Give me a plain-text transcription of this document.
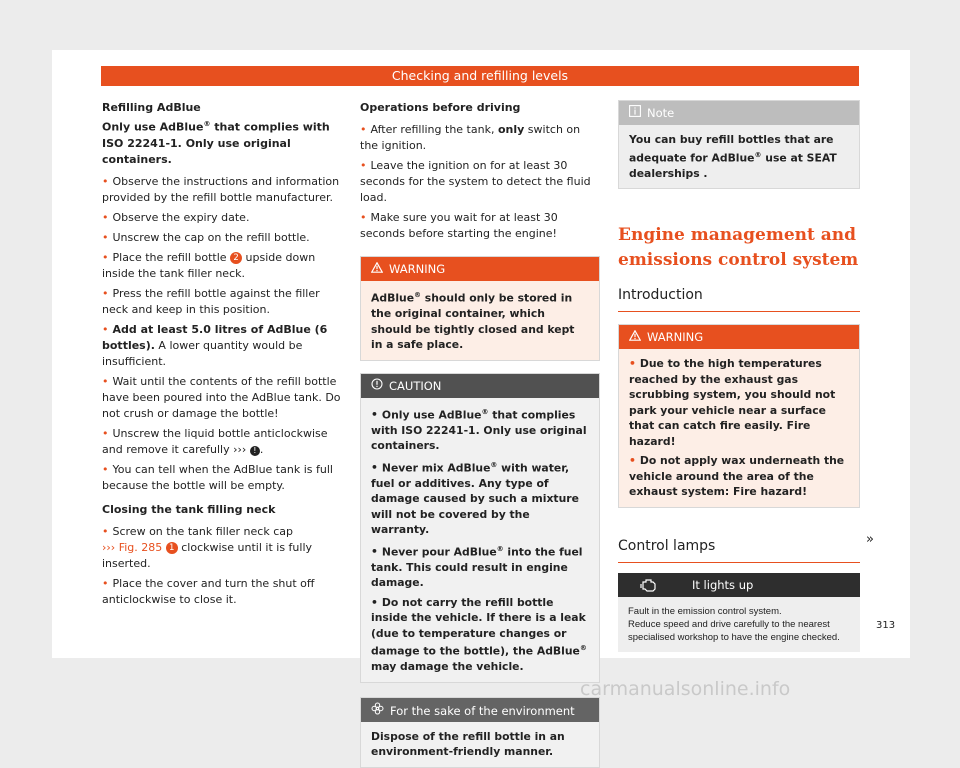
Checking and refilling levels

Refilling AdBlue

Only use AdBlue® that complies with ISO 22241-1. Only use original containers.

• Observe the instructions and information provided by the refill bottle manufacturer.

• Observe the expiry date.

• Unscrew the cap on the refill bottle.

• Place the refill bottle 2 upside down inside the tank filler neck.

• Press the refill bottle against the filler neck and keep in this position.

• Add at least 5.0 litres of AdBlue (6 bottles). A lower quantity would be insufficient.

• Wait until the contents of the refill bottle have been poured into the AdBlue tank. Do not crush or damage the bottle!

• Unscrew the liquid bottle anticlockwise and remove it carefully ››› ! .

• You can tell when the AdBlue tank is full because the bottle will be empty.

Closing the tank filling neck

• Screw on the tank filler neck cap
››› Fig. 285 1 clockwise until it is fully inserted.

• Place the cover and turn the shut off anticlockwise to close it.

Operations before driving

• After refilling the tank, only switch on the ignition.

• Leave the ignition on for at least 30 seconds for the system to detect the fluid load.

• Make sure you wait for at least 30 seconds before starting the engine!

WARNING
AdBlue® should only be stored in the original container, which should be tightly closed and kept in a safe place.
CAUTION

• Only use AdBlue® that complies with ISO 22241-1. Only use original containers.

• Never mix AdBlue® with water, fuel or additives. Any type of damage caused by such a mixture will not be covered by the warranty.

• Never pour AdBlue® into the fuel tank. This could result in engine damage.

• Do not carry the refill bottle inside the vehicle. If there is a leak (due to temperature changes or damage to the bottle), the AdBlue® may damage the vehicle.

For the sake of the environment
Dispose of the refill bottle in an environment-friendly manner.
Note
You can buy refill bottles that are adequate for AdBlue® use at SEAT dealerships .

Engine management and emissions control system

Introduction

WARNING

• Due to the high temperatures reached by the exhaust gas scrubbing system, you should not park your vehicle near a surface that can catch fire easily. Fire hazard!

• Do not apply wax underneath the vehicle around the area of the exhaust system: Fire hazard!

Control lamps

It lights up

Fault in the emission control system.

Reduce speed and drive carefully to the nearest specialised workshop to have the engine checked.

»
313
carmanualsonline.info
